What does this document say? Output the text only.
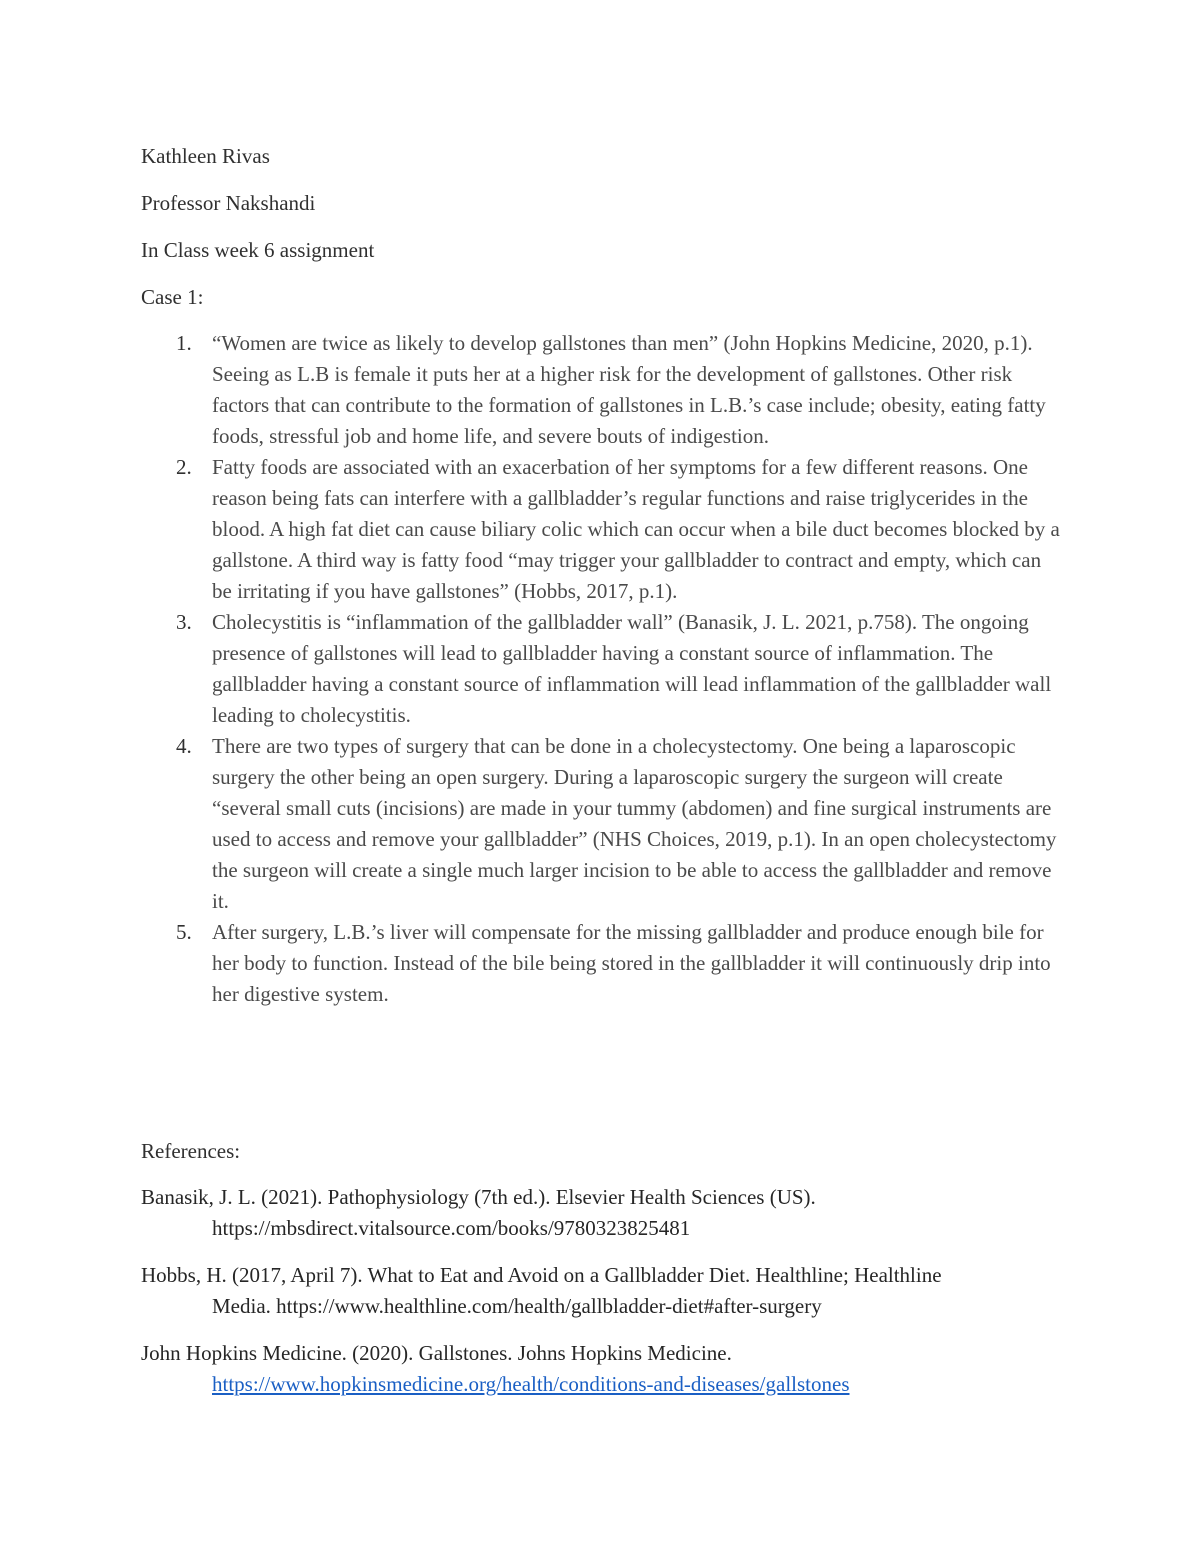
Kathleen Rivas

Professor Nakshandi

In Class week 6 assignment

Case 1:

1. “Women are twice as likely to develop gallstones than men” (John Hopkins Medicine, 2020, p.1). Seeing as L.B is female it puts her at a higher risk for the development of gallstones. Other risk factors that can contribute to the formation of gallstones in L.B.’s case include; obesity, eating fatty foods, stressful job and home life, and severe bouts of indigestion.
2. Fatty foods are associated with an exacerbation of her symptoms for a few different reasons. One reason being fats can interfere with a gallbladder’s regular functions and raise triglycerides in the blood. A high fat diet can cause biliary colic which can occur when a bile duct becomes blocked by a gallstone. A third way is fatty food “may trigger your gallbladder to contract and empty, which can be irritating if you have gallstones” (Hobbs, 2017, p.1).
3. Cholecystitis is “inflammation of the gallbladder wall” (Banasik, J. L. 2021, p.758). The ongoing presence of gallstones will lead to gallbladder having a constant source of inflammation. The gallbladder having a constant source of inflammation will lead inflammation of the gallbladder wall leading to cholecystitis.
4. There are two types of surgery that can be done in a cholecystectomy. One being a laparoscopic surgery the other being an open surgery. During a laparoscopic surgery the surgeon will create “several small cuts (incisions) are made in your tummy (abdomen) and fine surgical instruments are used to access and remove your gallbladder” (NHS Choices, 2019, p.1). In an open cholecystectomy the surgeon will create a single much larger incision to be able to access the gallbladder and remove it.
5. After surgery, L.B.’s liver will compensate for the missing gallbladder and produce enough bile for her body to function. Instead of the bile being stored in the gallbladder it will continuously drip into her digestive system.

References:

Banasik, J. L. (2021). Pathophysiology (7th ed.). Elsevier Health Sciences (US).
https://mbsdirect.vitalsource.com/books/9780323825481

Hobbs, H. (2017, April 7). What to Eat and Avoid on a Gallbladder Diet. Healthline; Healthline
Media. https://www.healthline.com/health/gallbladder-diet#after-surgery

John Hopkins Medicine. (2020). Gallstones. Johns Hopkins Medicine.
https://www.hopkinsmedicine.org/health/conditions-and-diseases/gallstones
